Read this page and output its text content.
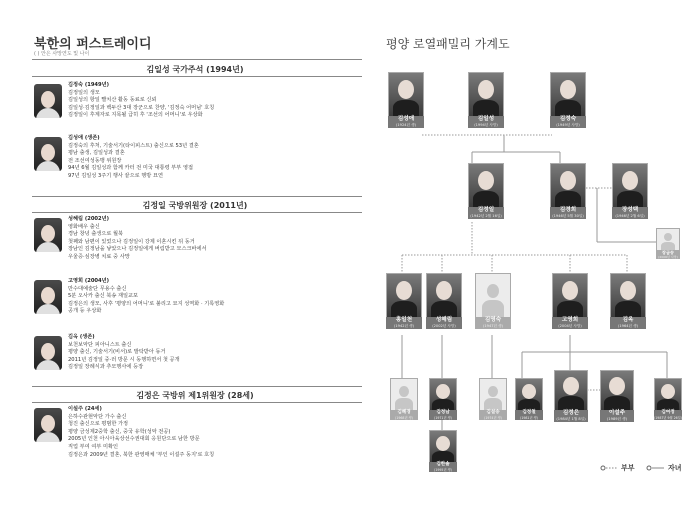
북한의 퍼스트레이디
( ) 안은 사망연도 및 나이
김일성 국가주석 (1994년)
김정숙 (1949년)
김정일의 생모
김일성의 항일 빨치산 활동 동료로 신뢰
김일성·김정일과 백두산 3대 장군으로 찬양, '김정숙 어머님' 호칭
김정일이 후계자로 지목될 급히 후 '조선의 어머니'로 우상화
김성애 (생존)
김정숙의 후처, 기술서기(타이피스트) 출신으로 53년 결혼
평남 출생, 김일성과 결혼
전 조선여성동맹 위원장
94년 6월 김일성과 함께 카터 전 미국 대통령 부부 영접
97년 김일성 3주기 행사 끝으로 행방 묘연
김정일 국방위원장 (2011년)
성혜림 (2002년)
영화배우 출신
경남 창녕 출생으로 월북
첫째와 남편이 있었으나 김정일이 강제 이혼시킨 뒤 동거
장남인 김정남을 낳았으나 김정일에게 버림받고 모스크바에서
우울증·심장병 치료 중 사망
고영희 (2004년)
만수대예술단 무용수 출신
5분 오사카 출신 북송 재일교포
김정은의 생모, 사후 '평양의 어머니'로 불리고 묘지 성역화 · 기록영화
공개 등 우상화
김옥 (생존)
보천보악단 피아니스트 출신
평양 출신, 기술서기(비서)로 발탁받아 동거
2011년 김정일 중·러 방문 시 동행하면서 첫 공개
김정일 장례식과 추모행사에 등장
김정은 국방위 제1위원장 (28세)
이설주 (24세)
은하수관현악단 가수 출신
청진 출신으로 평범한 가정
평양 금성제2중학 출신, 중국 유학(성악 전공)
2005년 인천 아시아육상선수권대회 응원단으로 남한 방문
직업 부여 여부 미확인
김정은과 2009년 결혼, 북한 관영매체 '부인 이설주 동지'로 호칭
평양 로열패밀리 가계도
김성애
(1924년 생)
김일성
(1994년 사망)
김정숙
(1949년 사망)
김정일
(1942년 2월 16일)
김경희
(1946년 5월 30일)
장성택
(1946년 2월 6일)
장금송
(2006년 사망)
홍일천
(1942년 생)
성혜림
(2002년 사망)
김영숙
(1947년 생)
고영희
(2004년 사망)
김옥
(1964년 생)
김혜경
(1968년 생)
김정남
(1971년 생)
김설송
(1974년 생)
김정철
(1981년 생)
김정은
(1984년 1월 8일)
이설주
(1989년 생)
김여정
(1987년 9월 26일)
김한솔
(1995년 생)	부부	자녀
